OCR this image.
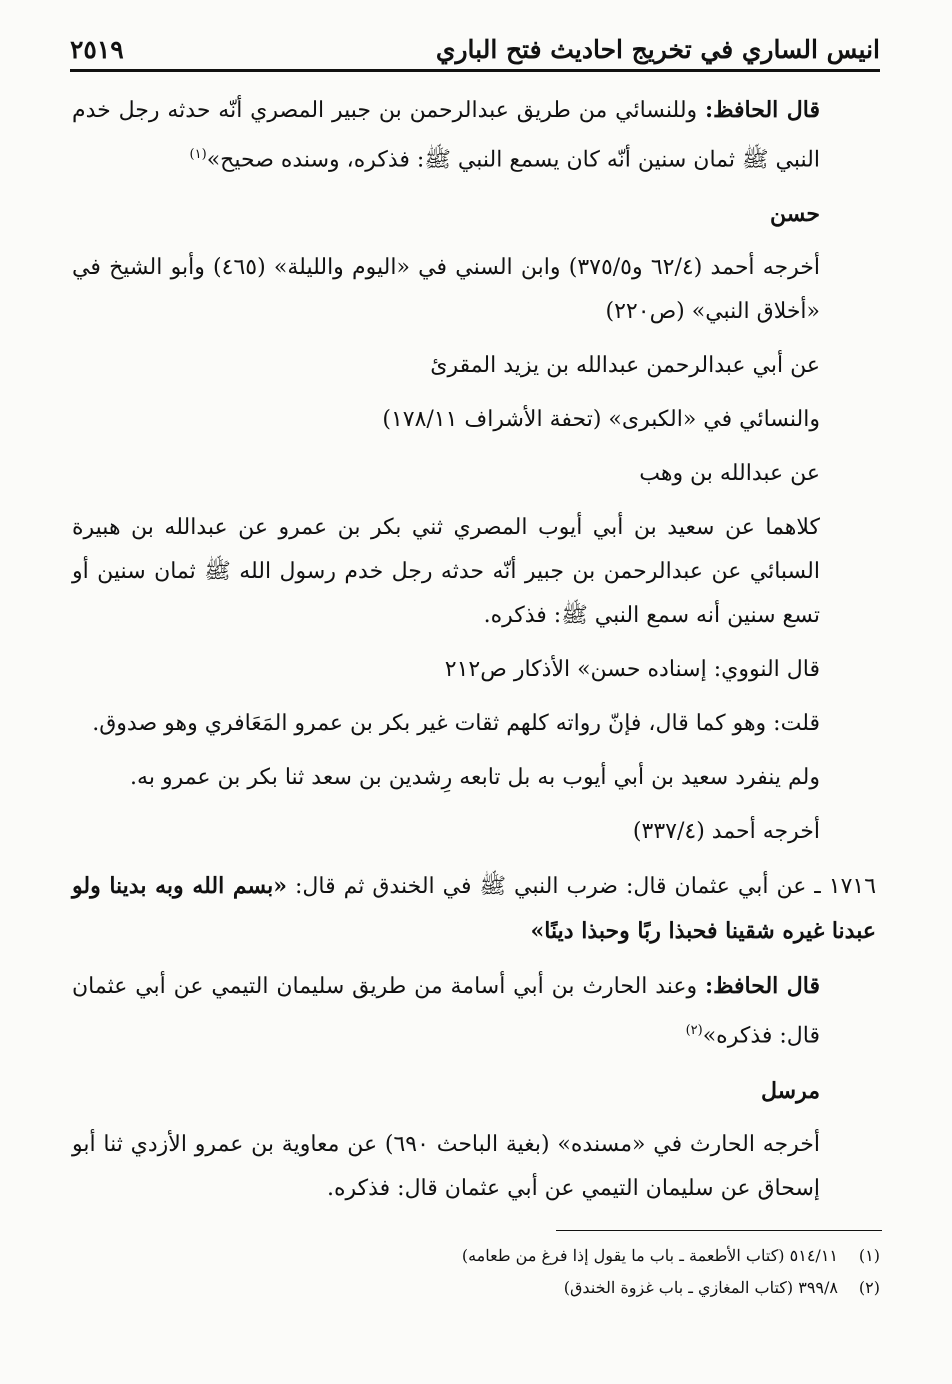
انيس الساري في تخريج احاديث فتح الباري
٢٥١٩

قال الحافظ: وللنسائي من طريق عبدالرحمن بن جبير المصري أنّه حدثه رجل خدم النبي ﷺ ثمان سنين أنّه كان يسمع النبي ﷺ: فذكره، وسنده صحيح»$^{(١)}$

حسن

أخرجه أحمد (٦٢/٤ و٣٧٥/٥) وابن السني في «اليوم والليلة» (٤٦٥) وأبو الشيخ في «أخلاق النبي» (ص٢٢٠)

عن أبي عبدالرحمن عبدالله بن يزيد المقرئ

والنسائي في «الكبرى» (تحفة الأشراف ١٧٨/١١)

عن عبدالله بن وهب

كلاهما عن سعيد بن أبي أيوب المصري ثني بكر بن عمرو عن عبدالله بن هبيرة السبائي عن عبدالرحمن بن جبير أنّه حدثه رجل خدم رسول الله ﷺ ثمان سنين أو تسع سنين أنه سمع النبي ﷺ: فذكره.

قال النووي: إسناده حسن» الأذكار ص٢١٢

قلت: وهو كما قال، فإنّ رواته كلهم ثقات غير بكر بن عمرو المَعَافري وهو صدوق.

ولم ينفرد سعيد بن أبي أيوب به بل تابعه رِشدين بن سعد ثنا بكر بن عمرو به.

أخرجه أحمد (٣٣٧/٤)

١٧١٦ ـ عن أبي عثمان قال: ضرب النبي ﷺ في الخندق ثم قال: «بسم الله وبه بدينا ولو عبدنا غيره شقينا فحبذا ربًا وحبذا دينًا»

قال الحافظ: وعند الحارث بن أبي أسامة من طريق سليمان التيمي عن أبي عثمان قال: فذكره»$^{(٢)}$

مرسل

أخرجه الحارث في «مسنده» (بغية الباحث ٦٩٠) عن معاوية بن عمرو الأزدي ثنا أبو إسحاق عن سليمان التيمي عن أبي عثمان قال: فذكره.

(١)٥١٤/١١ (كتاب الأطعمة ـ باب ما يقول إذا فرغ من طعامه)
(٢)٣٩٩/٨ (كتاب المغازي ـ باب غزوة الخندق)
